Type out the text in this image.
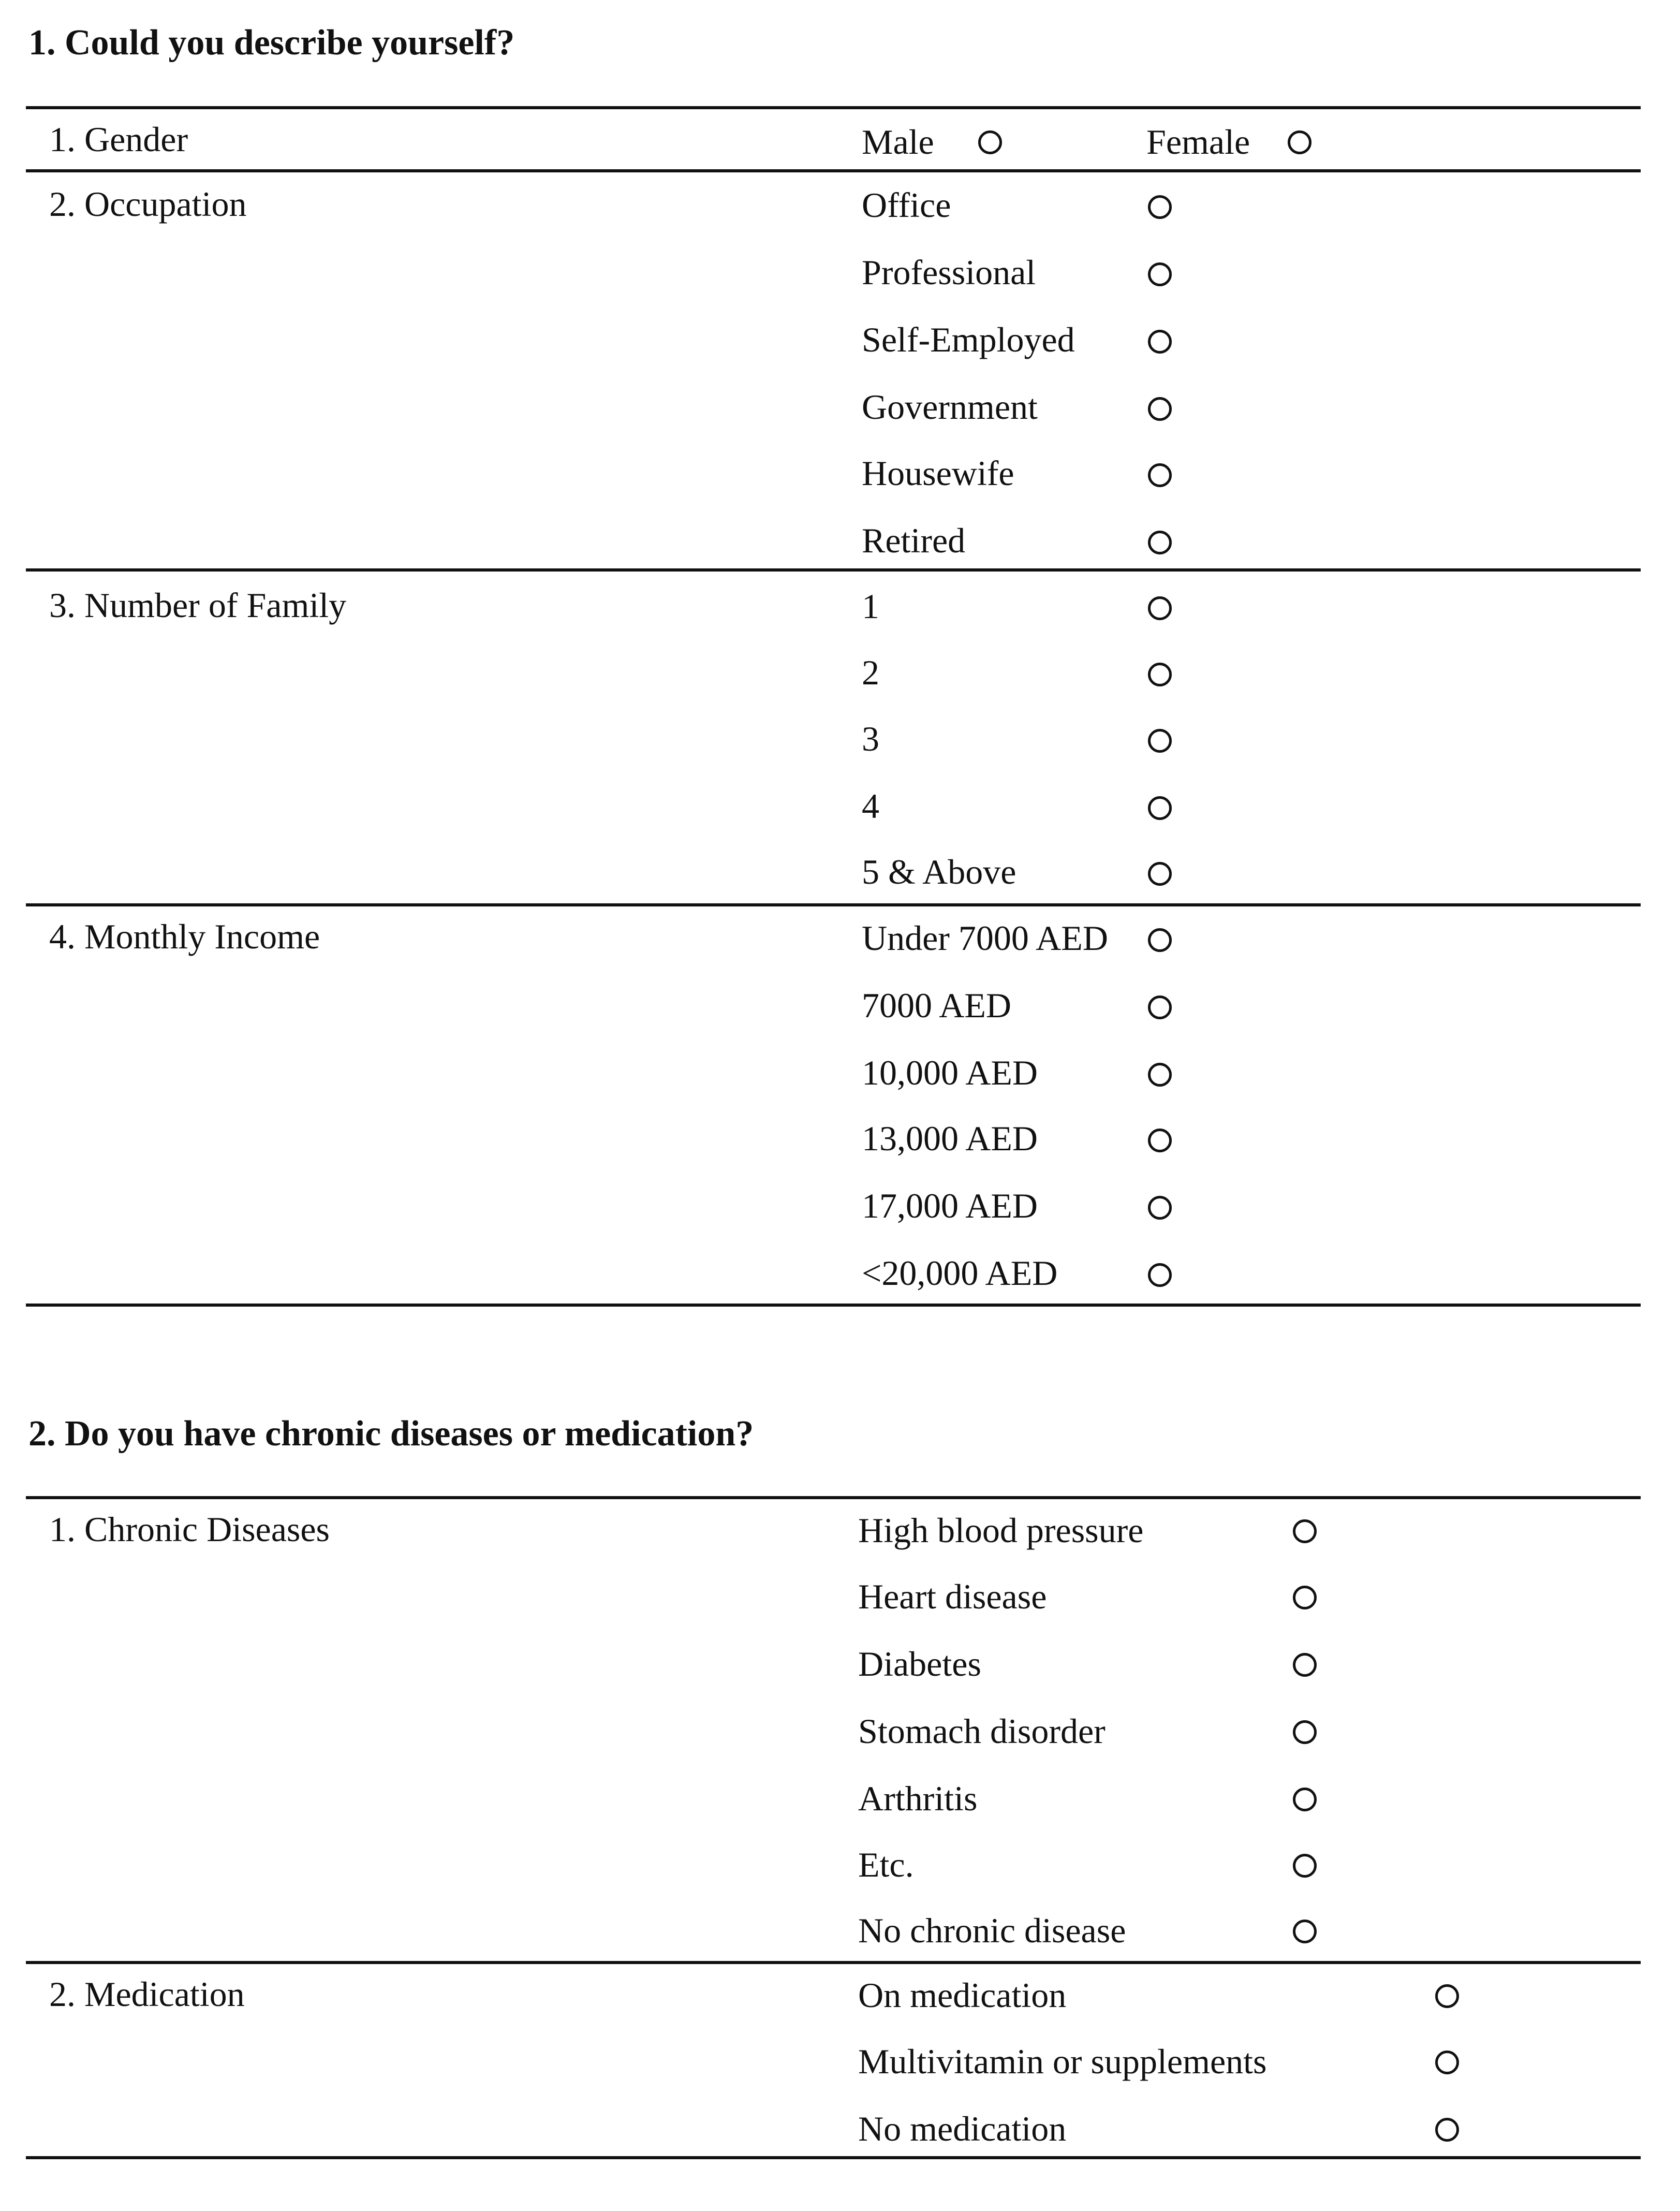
1. Could you describe yourself?
1. Gender	Male	Female
2. Occupation	Office
Professional
Self-Employed
Government
Housewife
Retired
3. Number of Family	1
2
3
4
5 & Above
4. Monthly Income	Under 7000 AED
7000 AED
10,000 AED
13,000 AED
17,000 AED
<20,000 AED
2. Do you have chronic diseases or medication?
1. Chronic Diseases	High blood pressure
Heart disease
Diabetes
Stomach disorder
Arthritis
Etc.
No chronic disease
2. Medication	On medication
Multivitamin or supplements
No medication
